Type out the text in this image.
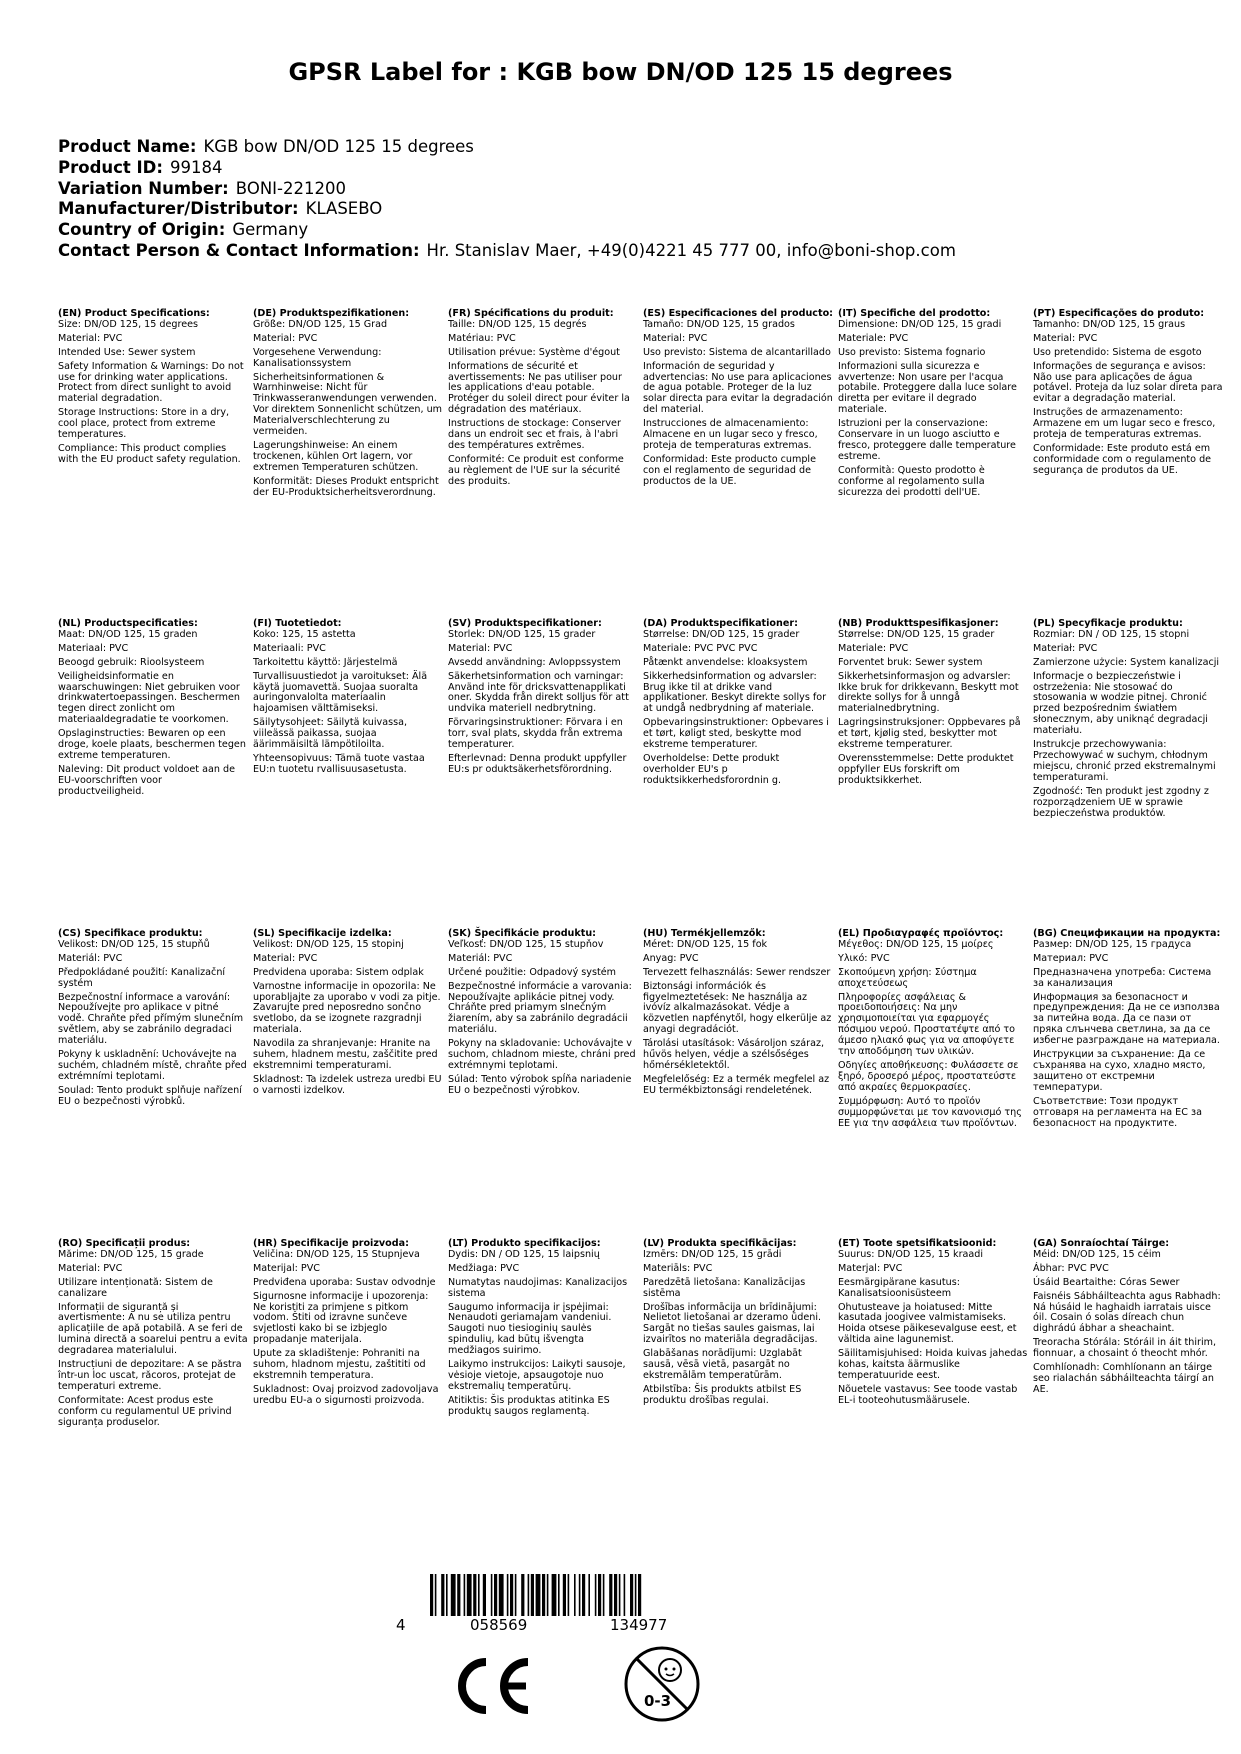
GPSR Label for : KGB bow DN/OD 125 15 degrees
Product Name: KGB bow DN/OD 125 15 degrees
Product ID: 99184
Variation Number: BONI-221200
Manufacturer/Distributor: KLASEBO
Country of Origin: Germany
Contact Person & Contact Information: Hr. Stanislav Maer, +49(0)4221 45 777 00, info@boni-shop.com
(EN) Product Specifications:
Size: DN/OD 125, 15 degrees
Material: PVC
Intended Use: Sewer system
Safety Information & Warnings: Do not use for drinking water applications. Protect from direct sunlight to avoid material degradation.
Storage Instructions: Store in a dry, cool place, protect from extreme temperatures.
Compliance: This product complies with the EU product safety regulation.
(DE) Produktspezifikationen:
Größe: DN/OD 125, 15 Grad
Material: PVC
Vorgesehene Verwendung: Kanalisationssystem
Sicherheitsinformationen & Warnhinweise: Nicht für Trinkwasseranwendungen verwenden. Vor direktem Sonnenlicht schützen, um Materialverschlechterung zu vermeiden.
Lagerungshinweise: An einem trockenen, kühlen Ort lagern, vor extremen Temperaturen schützen.
Konformität: Dieses Produkt entspricht der EU-Produktsicherheitsverordnung.
(FR) Spécifications du produit:
Taille: DN/OD 125, 15 degrés
Matériau: PVC
Utilisation prévue: Système d'égout
Informations de sécurité et avertissements: Ne pas utiliser pour les applications d'eau potable. Protéger du soleil direct pour éviter la dégradation des matériaux.
Instructions de stockage: Conserver dans un endroit sec et frais, à l'abri des températures extrêmes.
Conformité: Ce produit est conforme au règlement de l'UE sur la sécurité des produits.
(ES) Especificaciones del producto:
Tamaño: DN/OD 125, 15 grados
Material: PVC
Uso previsto: Sistema de alcantarillado
Información de seguridad y advertencias: No use para aplicaciones de agua potable. Proteger de la luz solar directa para evitar la degradación del material.
Instrucciones de almacenamiento: Almacene en un lugar seco y fresco, proteja de temperaturas extremas.
Conformidad: Este producto cumple con el reglamento de seguridad de productos de la UE.
(IT) Specifiche del prodotto:
Dimensione: DN/OD 125, 15 gradi
Materiale: PVC
Uso previsto: Sistema fognario
Informazioni sulla sicurezza e avvertenze: Non usare per l'acqua potabile. Proteggere dalla luce solare diretta per evitare il degrado materiale.
Istruzioni per la conservazione: Conservare in un luogo asciutto e fresco, proteggere dalle temperature estreme.
Conformità: Questo prodotto è conforme al regolamento sulla sicurezza dei prodotti dell'UE.
(PT) Especificações do produto:
Tamanho: DN/OD 125, 15 graus
Material: PVC
Uso pretendido: Sistema de esgoto
Informações de segurança e avisos: Não use para aplicações de água potável. Proteja da luz solar direta para evitar a degradação material.
Instruções de armazenamento: Armazene em um lugar seco e fresco, proteja de temperaturas extremas.
Conformidade: Este produto está em conformidade com o regulamento de segurança de produtos da UE.
(NL) Productspecificaties:
Maat: DN/OD 125, 15 graden
Materiaal: PVC
Beoogd gebruik: Rioolsysteem
Veiligheidsinformatie en waarschuwingen: Niet gebruiken voor drinkwatertoepassingen. Beschermen tegen direct zonlicht om materiaaldegradatie te voorkomen.
Opslaginstructies: Bewaren op een droge, koele plaats, beschermen tegen extreme temperaturen.
Naleving: Dit product voldoet aan de EU-voorschriften voor productveiligheid.
(FI) Tuotetiedot:
Koko: 125, 15 astetta
Materiaali: PVC
Tarkoitettu käyttö: Järjestelmä
Turvallisuustiedot ja varoitukset: Älä käytä juomavettä. Suojaa suoralta auringonvalolta materiaalin hajoamisen välttämiseksi.
Säilytysohjeet: Säilytä kuivassa, viileässä paikassa, suojaa äärimmäisiltä lämpötiloilta.
Yhteensopivuus: Tämä tuote vastaa EU:n tuotetu rvallisuusasetusta.
(SV) Produktspecifikationer:
Storlek: DN/OD 125, 15 grader
Material: PVC
Avsedd användning: Avloppssystem
Säkerhetsinformation och varningar: Använd inte för dricksvattenapplikati oner. Skydda från direkt solljus för att undvika materiell nedbrytning.
Förvaringsinstruktioner: Förvara i en torr, sval plats, skydda från extrema temperaturer.
Efterlevnad: Denna produkt uppfyller EU:s pr oduktsäkerhetsförordning.
(DA) Produktspecifikationer:
Størrelse: DN/OD 125, 15 grader
Materiale: PVC PVC PVC
Påtænkt anvendelse: kloaksystem
Sikkerhedsinformation og advarsler: Brug ikke til at drikke vand applikationer. Beskyt direkte sollys for at undgå nedbrydning af materiale.
Opbevaringsinstruktioner: Opbevares i et tørt, køligt sted, beskytte mod ekstreme temperaturer.
Overholdelse: Dette produkt overholder EU's p roduktsikkerhedsforordnin g.
(NB) Produkttspesifikasjoner:
Størrelse: DN/OD 125, 15 grader
Materiale: PVC
Forventet bruk: Sewer system
Sikkerhetsinformasjon og advarsler: Ikke bruk for drikkevann. Beskytt mot direkte sollys for å unngå materialnedbrytning.
Lagringsinstruksjoner: Oppbevares på et tørt, kjølig sted, beskytter mot ekstreme temperaturer.
Overensstemmelse: Dette produktet oppfyller EUs forskrift om produktsikkerhet.
(PL) Specyfikacje produktu:
Rozmiar: DN / OD 125, 15 stopni
Materiał: PVC
Zamierzone użycie: System kanalizacji
Informacje o bezpieczeństwie i ostrzeżenia: Nie stosować do stosowania w wodzie pitnej. Chronić przed bezpośrednim światłem słonecznym, aby uniknąć degradacji materiału.
Instrukcje przechowywania: Przechowywać w suchym, chłodnym miejscu, chronić przed ekstremalnymi temperaturami.
Zgodność: Ten produkt jest zgodny z rozporządzeniem UE w sprawie bezpieczeństwa produktów.
(CS) Specifikace produktu:
Velikost: DN/OD 125, 15 stupňů
Materiál: PVC
Předpokládané použití: Kanalizační systém
Bezpečnostní informace a varování: Nepoužívejte pro aplikace v pitné vodě. Chraňte před přímým slunečním světlem, aby se zabránilo degradaci materiálu.
Pokyny k uskladnění: Uchovávejte na suchém, chladném místě, chraňte před extrémními teplotami.
Soulad: Tento produkt splňuje nařízení EU o bezpečnosti výrobků.
(SL) Specifikacije izdelka:
Velikost: DN/OD 125, 15 stopinj
Material: PVC
Predvidena uporaba: Sistem odplak
Varnostne informacije in opozorila: Ne uporabljajte za uporabo v vodi za pitje. Zavarujte pred neposredno sončno svetlobo, da se izognete razgradnji materiala.
Navodila za shranjevanje: Hranite na suhem, hladnem mestu, zaščitite pred ekstremnimi temperaturami.
Skladnost: Ta izdelek ustreza uredbi EU o varnosti izdelkov.
(SK) Špecifikácie produktu:
Veľkosť: DN/OD 125, 15 stupňov
Materiál: PVC
Určené použitie: Odpadový systém
Bezpečnostné informácie a varovania: Nepoužívajte aplikácie pitnej vody. Chráňte pred priamym slnečným žiarením, aby sa zabránilo degradácii materiálu.
Pokyny na skladovanie: Uchovávajte v suchom, chladnom mieste, chráni pred extrémnymi teplotami.
Súlad: Tento výrobok spĺňa nariadenie EU o bezpečnosti výrobkov.
(HU) Termékjellemzők:
Méret: DN/OD 125, 15 fok
Anyag: PVC
Tervezett felhasználás: Sewer rendszer
Biztonsági információk és figyelmeztetések: Ne használja az ivóvíz alkalmazásokat. Védje a közvetlen napfénytől, hogy elkerülje az anyagi degradációt.
Tárolási utasítások: Vásároljon száraz, hűvös helyen, védje a szélsőséges hőmérsékletektől.
Megfelelőség: Ez a termék megfelel az EU termékbiztonsági rendeletének.
(EL) Προδιαγραφές προϊόντος:
Μέγεθος: DN/OD 125, 15 μοίρες
Υλικό: PVC
Σκοπούμενη χρήση: Σύστημα αποχετεύσεως
Πληροφορίες ασφάλειας & προειδοποιήσεις: Να μην χρησιμοποιείται για εφαρμογές πόσιμου νερού. Προστατέψτε από το άμεσο ηλιακό φως για να αποφύγετε την αποδόμηση των υλικών.
Οδηγίες αποθήκευσης: Φυλάσσετε σε ξηρό, δροσερό μέρος, προστατεύστε από ακραίες θερμοκρασίες.
Συμμόρφωση: Αυτό το προϊόν συμμορφώνεται με τον κανονισμό της ΕΕ για την ασφάλεια των προϊόντων.
(BG) Спецификации на продукта:
Размер: DN/OD 125, 15 градуса
Материал: PVC
Предназначена употреба: Система за канализация
Информация за безопасност и предупреждения: Да не се използва за питейна вода. Да се пази от пряка слънчева светлина, за да се избегне разграждане на материала.
Инструкции за съхранение: Да се съхранява на сухо, хладно място, защитено от екстремни температури.
Съответствие: Този продукт отговаря на регламента на ЕС за безопасност на продуктите.
(RO) Specificații produs:
Mărime: DN/OD 125, 15 grade
Material: PVC
Utilizare intenționată: Sistem de canalizare
Informații de siguranță și avertismente: A nu se utiliza pentru aplicațiile de apă potabilă. A se feri de lumina directă a soarelui pentru a evita degradarea materialului.
Instrucțiuni de depozitare: A se păstra într-un loc uscat, răcoros, protejat de temperaturi extreme.
Conformitate: Acest produs este conform cu regulamentul UE privind siguranța produselor.
(HR) Specifikacije proizvoda:
Veličina: DN/OD 125, 15 Stupnjeva
Materijal: PVC
Predviđena uporaba: Sustav odvodnje
Sigurnosne informacije i upozorenja: Ne koristiti za primjene s pitkom vodom. Štiti od izravne sunčeve svjetlosti kako bi se izbjeglo propadanje materijala.
Upute za skladištenje: Pohraniti na suhom, hladnom mjestu, zaštititi od ekstremnih temperatura.
Sukladnost: Ovaj proizvod zadovoljava uredbu EU-a o sigurnosti proizvoda.
(LT) Produkto specifikacijos:
Dydis: DN / OD 125, 15 laipsnių
Medžiaga: PVC
Numatytas naudojimas: Kanalizacijos sistema
Saugumo informacija ir įspėjimai: Nenaudoti geriamajam vandeniui. Saugoti nuo tiesioginių saulės spindulių, kad būtų išvengta medžiagos suirimo.
Laikymo instrukcijos: Laikyti sausoje, vėsioje vietoje, apsaugotoje nuo ekstremalių temperatūrų.
Atitiktis: Šis produktas atitinka ES produktų saugos reglamentą.
(LV) Produkta specifikācijas:
Izmērs: DN/OD 125, 15 grādi
Materiāls: PVC
Paredzētā lietošana: Kanalizācijas sistēma
Drošības informācija un brīdinājumi: Nelietot lietošanai ar dzeramo ūdeni. Sargāt no tiešas saules gaismas, lai izvairītos no materiāla degradācijas.
Glabāšanas norādījumi: Uzglabāt sausā, vēsā vietā, pasargāt no ekstremālām temperatūrām.
Atbilstība: Šis produkts atbilst ES produktu drošības regulai.
(ET) Toote spetsifikatsioonid:
Suurus: DN/OD 125, 15 kraadi
Materjal: PVC
Eesmärgipärane kasutus: Kanalisatsioonisüsteem
Ohutusteave ja hoiatused: Mitte kasutada joogivee valmistamiseks. Hoida otsese päikesevalguse eest, et vältida aine lagunemist.
Säilitamisjuhised: Hoida kuivas jahedas kohas, kaitsta äärmuslike temperatuuride eest.
Nõuetele vastavus: See toode vastab EL-i tooteohutusmäärusele.
(GA) Sonraíochtaí Táirge:
Méid: DN/OD 125, 15 céim
Ábhar: PVC PVC
Úsáid Beartaithe: Córas Sewer
Faisnéis Sábháilteachta agus Rabhadh: Ná húsáid le haghaidh iarratais uisce óil. Cosain ó solas díreach chun dighrádú ábhar a sheachaint.
Treoracha Stórála: Stóráil in áit thirim, fionnuar, a chosaint ó theocht mhór.
Comhlíonadh: Comhlíonann an táirge seo rialachán sábháilteachta táirgí an AE.
4	058569	134977
0-3
